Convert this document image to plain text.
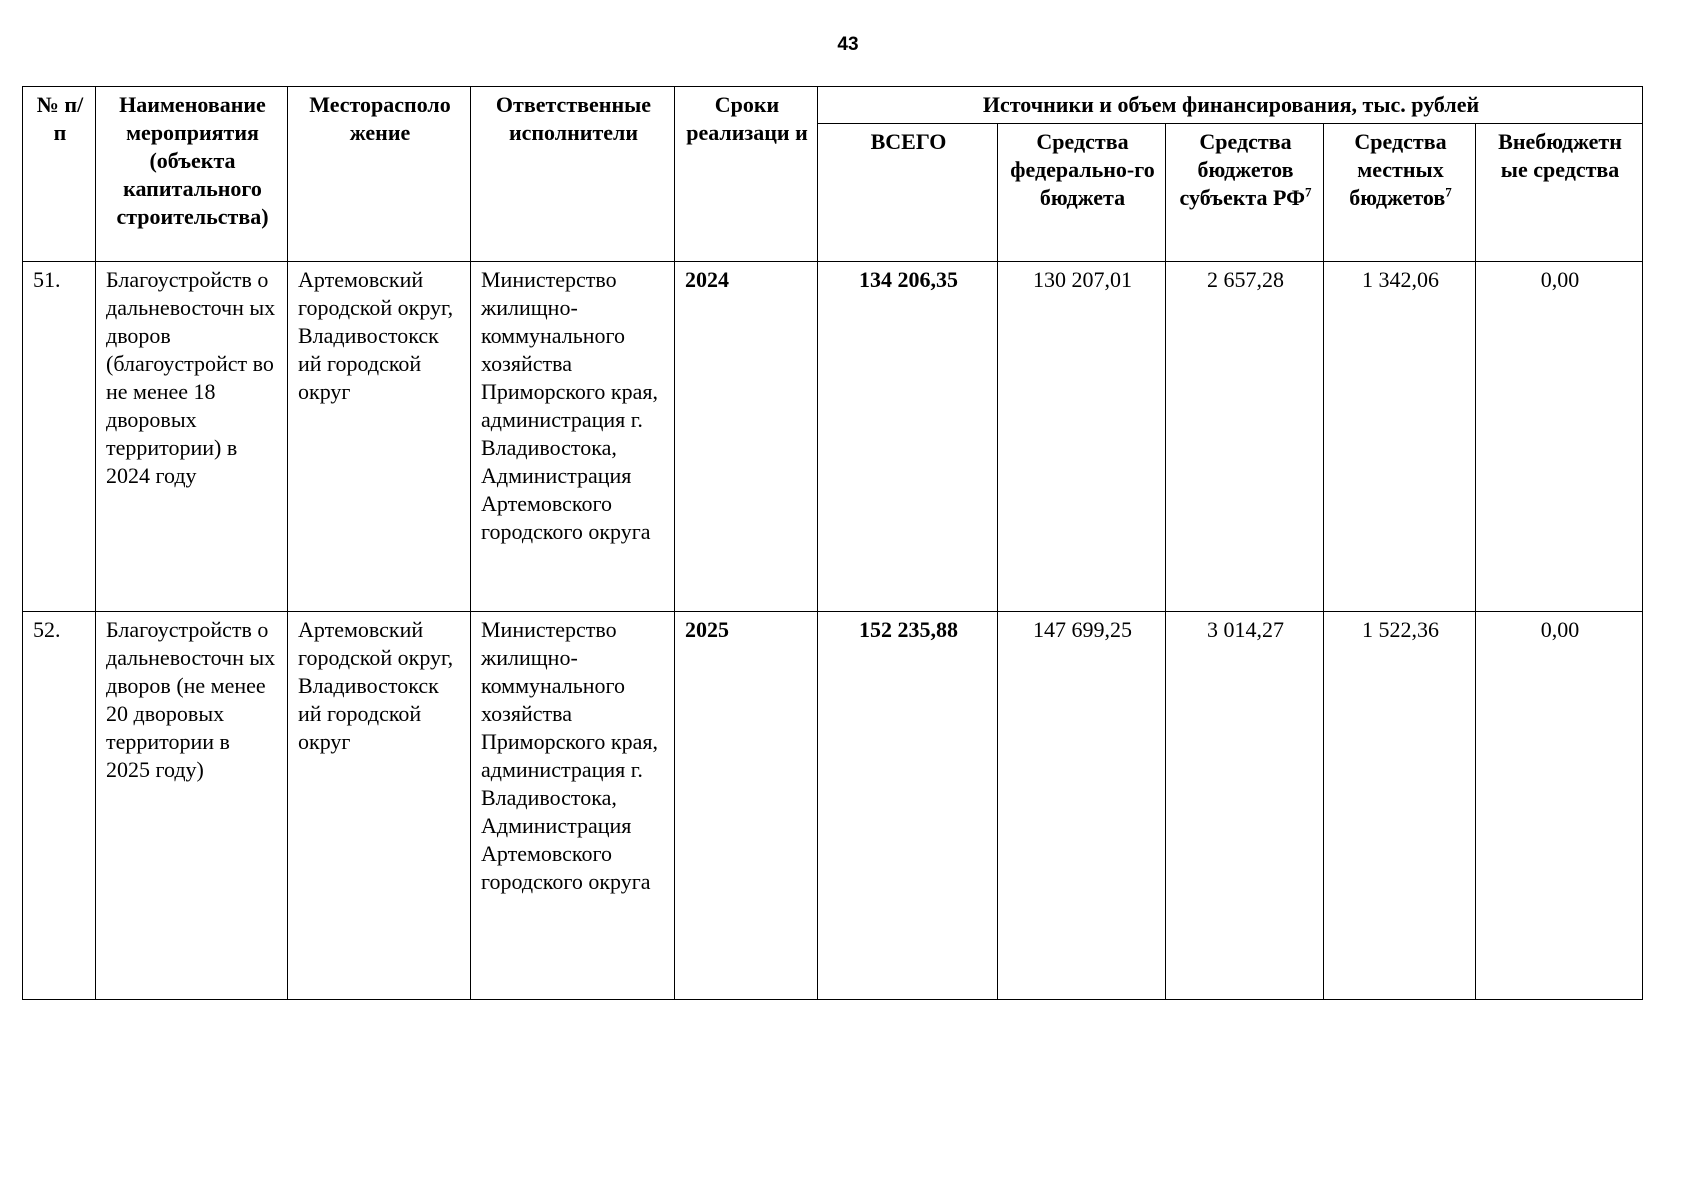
43
№ п/п	Наименование мероприятия (объекта капитального строительства)	Месторасполо жение	Ответственные исполнители	Сроки реализаци и	Источники и объем финансирования, тыс. рублей				
					ВСЕГО	Средства федерально-го бюджета	Средства бюджетов субъекта $РФ^7$	Средства местных бюджетов$^7$	Внебюджетн ые средства
51.	Благоустройств о дальневосточн ых дворов (благоустройст во не менее 18 дворовых территории) в 2024 году	Артемовский городской округ, Владивостокск ий городской округ	Министерство жилищно-коммунального хозяйства Приморского края, администрация г. Владивостока, Администрация Артемовского городского округа	2024	134 206,35	130 207,01	2 657,28	1 342,06	0,00
52.	Благоустройств о дальневосточн ых дворов (не менее 20 дворовых территории в 2025 году)	Артемовский городской округ, Владивостокск ий городской округ	Министерство жилищно-коммунального хозяйства Приморского края, администрация г. Владивостока, Администрация Артемовского городского округа	2025	152 235,88	147 699,25	3 014,27	1 522,36	0,00
